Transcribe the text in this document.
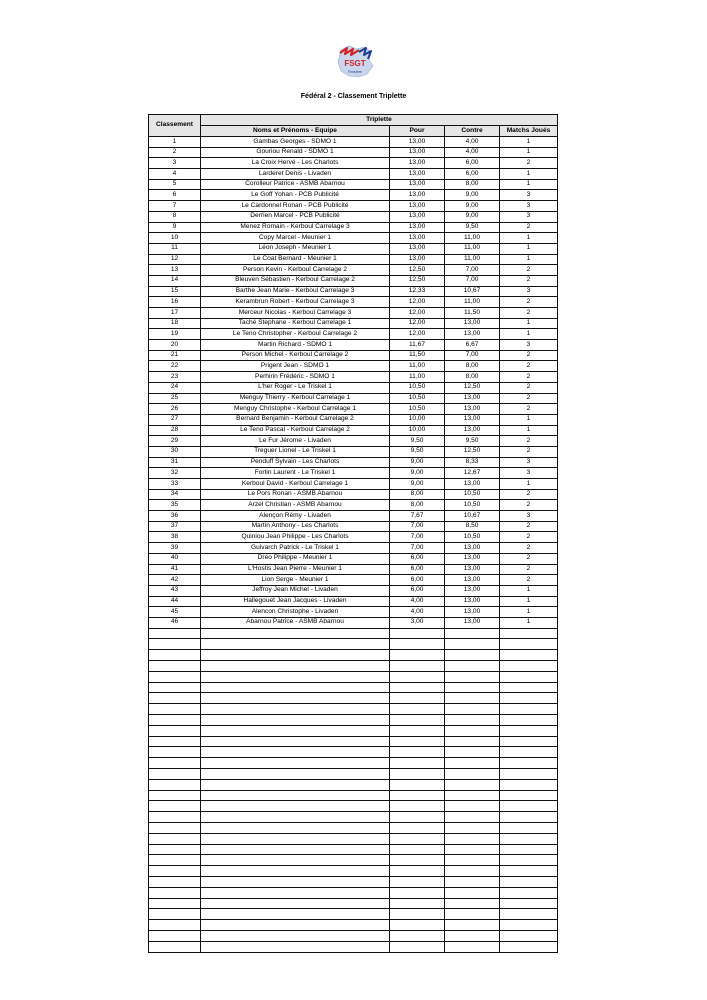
FSGT
Finistère
Fédéral 2 - Classement Triplette
Classement	Triplette			
	Noms et Prénoms - Equipe	Pour	Contre	Matchs Joués
1	Gambas Georges - SDMO 1	13,00	4,00	1
2	Gouriou Renald - SDMO 1	13,00	4,00	1
3	La Croix Hervé - Les Charlots	13,00	6,00	2
4	Larderet Denis - Livaden	13,00	6,00	1
5	Corolleur Patrice - ASMB Abarnou	13,00	8,00	1
6	Le Goff Yohan - PCB Publicité	13,00	9,00	3
7	Le Cardonnel Ronan - PCB Publicité	13,00	9,00	3
8	Derrien Marcel - PCB Publicité	13,00	9,00	3
9	Menez Romain - Kerboul Carrelage 3	13,00	9,50	2
10	Copy Marcel - Meunier 1	13,00	11,00	1
11	Léon Joseph - Meunier 1	13,00	11,00	1
12	Le Coat Bernard - Meunier 1	13,00	11,00	1
13	Person Kevin - Kerboul Carrelage 2	12,50	7,00	2
14	Bleuven Sébastien - Kerboul Carrelage 2	12,50	7,00	2
15	Barthe Jean Marie - Kerboul Carrelage 3	12,33	10,67	3
16	Kerambrun Robert - Kerboul Carrelage 3	12,00	11,00	2
17	Merceur Nicolas - Kerboul Carrelage 3	12,00	11,50	2
18	Taché Stephane - Kerboul Carrelage 1	12,00	13,00	1
19	Le Teno Christopher - Kerboul Carrelage 2	12,00	13,00	1
20	Martin Richard - SDMO 1	11,67	6,67	3
21	Person Michel - Kerboul Carrelage 2	11,50	7,00	2
22	Prigent Jean - SDMO 1	11,00	8,00	2
23	Perhirin Frédéric - SDMO 1	11,00	8,00	2
24	L'her Roger - Le Triskel 1	10,50	12,50	2
25	Menguy Thierry - Kerboul Carrelage 1	10,50	13,00	2
26	Menguy Christophe - Kerboul Carrelage 1	10,50	13,00	2
27	Bernard Benjamin - Kerboul Carrelage 2	10,00	13,00	1
28	Le Teno Pascal - Kerboul Carrelage 2	10,00	13,00	1
29	Le Fur Jérome - Livaden	9,50	9,50	2
30	Treguer Lionel - Le Triskel 1	9,50	12,50	2
31	Penduff Sylvain - Les Charlots	9,00	8,33	3
32	Fortin Laurent - Le Triskel 1	9,00	12,67	3
33	Kerboul David - Kerboul Carrelage 1	9,00	13,00	1
34	Le Pors Ronan - ASMB Abarnou	8,00	10,50	2
35	Arzel Christian - ASMB Abarnou	8,00	10,50	2
36	Alençon Rémy - Livaden	7,67	10,67	3
37	Martin Anthony - Les Charlots	7,00	8,50	2
38	Quiniou Jean Philippe - Les Charlots	7,00	10,50	2
39	Guivarch Patrick - Le Triskel 1	7,00	13,00	2
40	Dréo Philippe - Meunier 1	6,00	13,00	2
41	L'Hostis Jean Pierre - Meunier 1	6,00	13,00	2
42	Lion Serge - Meunier 1	6,00	13,00	2
43	Jeffroy Jean Michel - Livaden	6,00	13,00	1
44	Hallegouet Jean Jacques - Livaden	4,00	13,00	1
45	Alencon Christophe - Livaden	4,00	13,00	1
46	Abarnou Patrice - ASMB Abarnou	3,00	13,00	1
